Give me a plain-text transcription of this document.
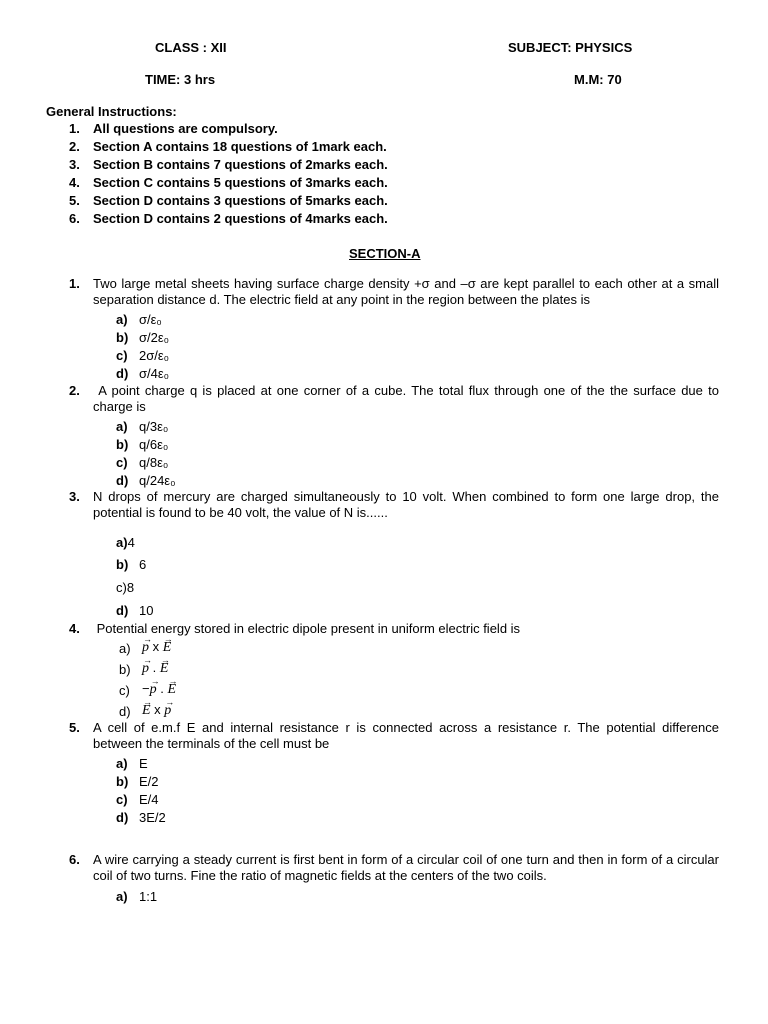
CLASS : XII	SUBJECT: PHYSICS
TIME: 3 hrs	M.M: 70
General Instructions:
1. All questions are compulsory.
2. Section A contains 18 questions of 1mark each.
3. Section B contains 7 questions of 2marks each.
4. Section C contains 5 questions of 3marks each.
5. Section D contains 3 questions of 5marks each.
6. Section D contains 2 questions of 4marks each.
SECTION-A
1. Two large metal sheets having surface charge density +σ and –σ are kept parallel to each other at a small separation distance d. The electric field at any point in the region between the plates is
a) σ/ε₀
b) σ/2ε₀
c) 2σ/ε₀
d) σ/4ε₀
2. A point charge q is placed at one corner of a cube. The total flux through one of the the surface due to charge is
a) q/3ε₀
b) q/6ε₀
c) q/8ε₀
d) q/24ε₀
3. N drops of mercury are charged simultaneously to 10 volt. When combined to form one large drop, the potential is found to be 40 volt, the value of N is......
a)4
b) 6
c)8
d) 10
4. Potential energy stored in electric dipole present in uniform electric field is
a) → p x → E
b) → p . → E
c) −→ p . → E
d) → E x → p
5. A cell of e.m.f E and internal resistance r is connected across a resistance r. The potential difference between the terminals of the cell must be
a) E
b) E/2
c) E/4
d) 3E/2
6. A wire carrying a steady current is first bent in form of a circular coil of one turn and then in form of a circular coil of two turns. Fine the ratio of magnetic fields at the centers of the two coils.
a) 1:1
